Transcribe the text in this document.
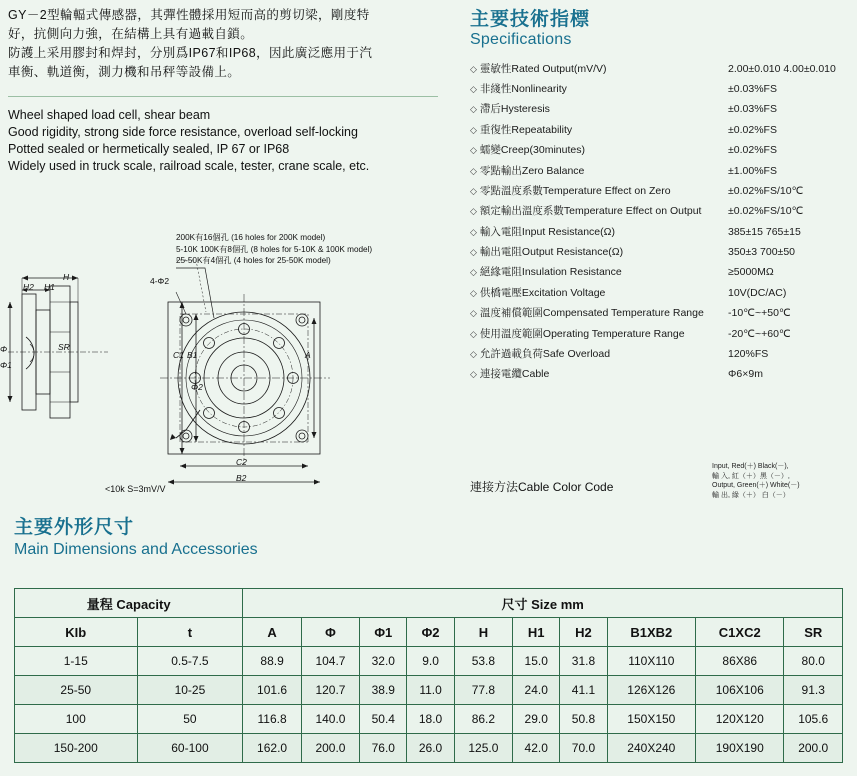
GY－2型輪輻式傳感器，其彈性體採用短而高的剪切梁，剛度特
好，抗側向力強，在結構上具有過載自鎖。
防護上采用膠封和焊封，分別爲IP67和IP68，因此廣泛應用于汽
車衡、軌道衡，測力機和吊秤等設備上。
Wheel shaped load cell, shear beam
Good rigidity, strong side force resistance, overload self-locking
Potted sealed or hermetically sealed, IP 67 or IP68
Widely used in truck scale, railroad scale, tester, crane scale, etc.
主要技術指標
Specifications
◇ 靈敏性Rated Output(mV/V)	2.00±0.010 4.00±0.010
◇ 非綫性Nonlinearity	±0.03%FS
◇ 滯后Hysteresis	±0.03%FS
◇ 重復性Repeatability	±0.02%FS
◇ 蠕變Creep(30minutes)	±0.02%FS
◇ 零點輸出Zero Balance	±1.00%FS
◇ 零點溫度系數Temperature Effect on Zero	±0.02%FS/10℃
◇ 額定輸出溫度系數Temperature Effect on Output	±0.02%FS/10℃
◇ 輸入電阻Input Resistance(Ω)	385±15 765±15
◇ 輸出電阻Output Resistance(Ω)	350±3 700±50
◇ 絕緣電阻Insulation Resistance	≥5000MΩ
◇ 供橋電壓Excitation Voltage	10V(DC/AC)
◇ 溫度補償範圍Compensated Temperature Range	-10℃~+50℃
◇ 使用溫度範圍Operating Temperature Range	-20℃~+60℃
◇ 允許過載負荷Safe Overload	120%FS
◇ 連接電纜Cable	Φ6×9m
連接方法Cable Color Code
Input, Red(＋) Black(－),
輸 入, 紅（＋）黑（－）,
Output, Green(＋) White(－)
輸 出, 綠（＋） 白（－）
200K有16個孔 (16 holes for 200K model)
5-10K 100K有8個孔 (8 holes for 5-10K & 100K model)
25-50K有4個孔 (4 holes for 25-50K model)
H
H2 H1
4-Φ2
SR
Φ
Φ1
B1
C1	A
Φ2
C2
B2
<10k S=3mV/V
主要外形尺寸
Main Dimensions and Accessories
量程 Capacity		尺寸 Size mm									
KIb	t	A	Φ	Φ1	Φ2	H	H1	H2	B1XB2	C1XC2	SR
1-15	0.5-7.5	88.9	104.7	32.0	9.0	53.8	15.0	31.8	110X110	86X86	80.0
25-50	10-25	101.6	120.7	38.9	11.0	77.8	24.0	41.1	126X126	106X106	91.3
100	50	116.8	140.0	50.4	18.0	86.2	29.0	50.8	150X150	120X120	105.6
150-200	60-100	162.0	200.0	76.0	26.0	125.0	42.0	70.0	240X240	190X190	200.0
